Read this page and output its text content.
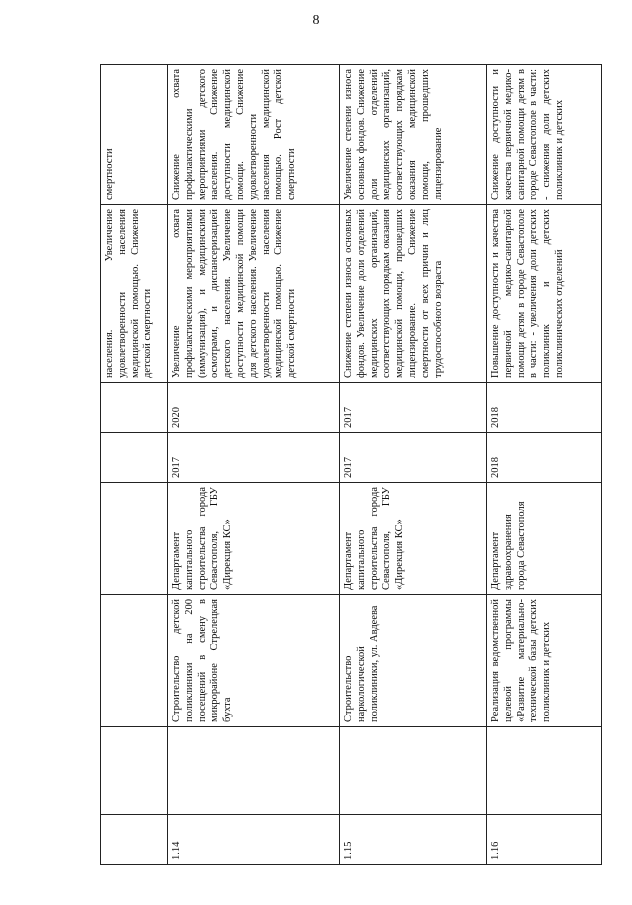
8
						населения. Увеличение удовлетворенности населения медицинской помощью. Снижение детской смертности	смертности
1.14		Строительство детской поликлиники на 200 посещений в смену в микрорайоне Стрелецкая бухта	Департамент капитального строительства города Севастополя, ГБУ «Дирекция КС»	2017	2020	Увеличение охвата профилактическими мероприятиями (иммунизация), и медицинскими осмотрами, и диспансеризацией детского населения. Увеличение доступности медицинской помощи для детского населения. Увеличение удовлетворенности населения медицинской помощью. Снижение детской смертности	Снижение охвата профилактическими мероприятиями детского населения. Снижение доступности медицинской помощи. Снижение удовлетворенности населения медицинской помощью. Рост детской смертности
1.15		Строительство наркологической поликлиники, ул. Авдеева	Департамент капитального строительства города Севастополя, ГБУ «Дирекция КС»	2017	2017	Снижение степени износа основных фондов. Увеличение доли отделений медицинских организаций, соответствующих порядкам оказания медицинской помощи, прошедших лицензирование. Снижение смертности от всех причин и лиц трудоспособного возраста	Увеличение степени износа основных фондов. Снижение доли отделений медицинских организаций, соответствующих порядкам оказания медицинской помощи, прошедших лицензирование
1.16		Реализация ведомственной целевой программы «Развитие материально-технической базы детских поликлиник и детских	Департамент здравоохранения города Севастополя	2018	2018	Повышение доступности и качества первичной медико-санитарной помощи детям в городе Севастополе в части: - увеличения доли детских поликлиник и детских поликлинических отделений	Снижение доступности и качества первичной медико-санитарной помощи детям в городе Севастополе в части: - снижения доли детских поликлиник и детских
